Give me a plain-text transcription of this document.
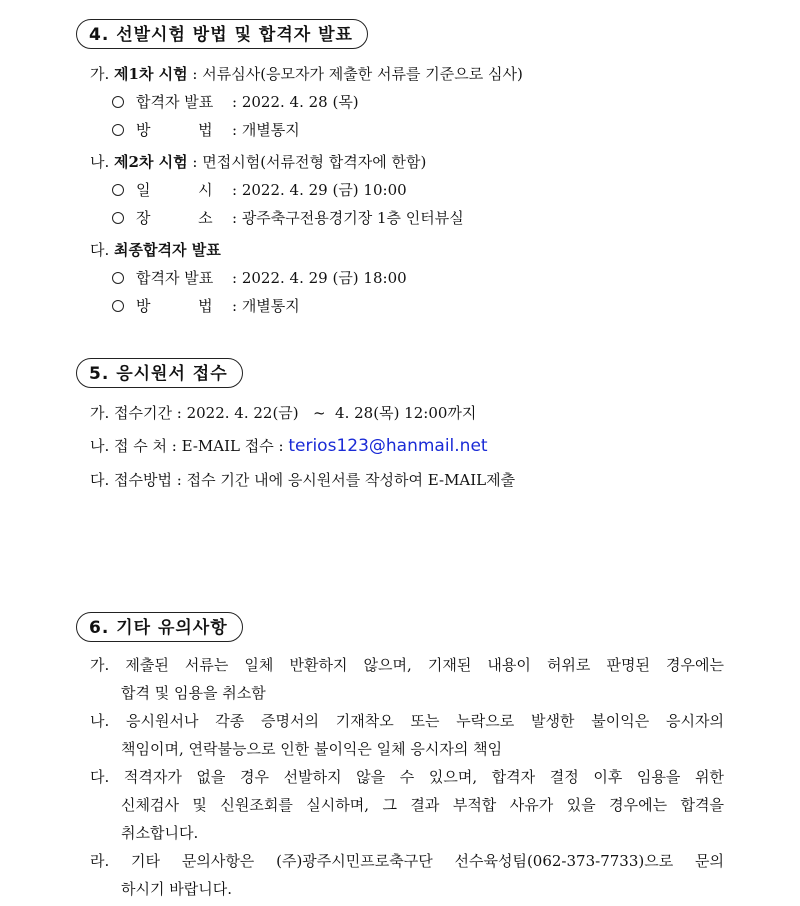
4. 선발시험 방법 및 합격자 발표
가. 제1차 시험 : 서류심사(응모자가 제출한 서류를 기준으로 심사)
합격자 발표 : 2022. 4. 28 (목)
방          법 : 개별통지
나. 제2차 시험 : 면접시험(서류전형 합격자에 한함)
일          시 : 2022. 4. 29 (금) 10:00
장          소 : 광주축구전용경기장 1층 인터뷰실
다. 최종합격자 발표
합격자 발표 : 2022. 4. 29 (금) 18:00
방          법 : 개별통지
5. 응시원서 접수
가. 접수기간 : 2022. 4. 22(금)   ~  4. 28(목) 12:00까지
나. 접 수 처 : E-MAIL 접수 : terios123@hanmail.net
다. 접수방법 : 접수 기간 내에 응시원서를 작성하여 E-MAIL제출
6. 기타 유의사항
가. 제출된 서류는 일체 반환하지 않으며, 기재된 내용이 허위로 판명된 경우에는
합격 및 임용을 취소함
나. 응시원서나 각종 증명서의 기재착오 또는 누락으로 발생한 불이익은 응시자의
책임이며, 연락불능으로 인한 불이익은 일체 응시자의 책임
다. 적격자가 없을 경우 선발하지 않을 수 있으며, 합격자 결정 이후 임용을 위한
신체검사 및 신원조회를 실시하며, 그 결과 부적합 사유가 있을 경우에는 합격을
취소합니다.
라. 기타 문의사항은 (주)광주시민프로축구단 선수육성팀(062-373-7733)으로 문의
하시기 바랍니다.
